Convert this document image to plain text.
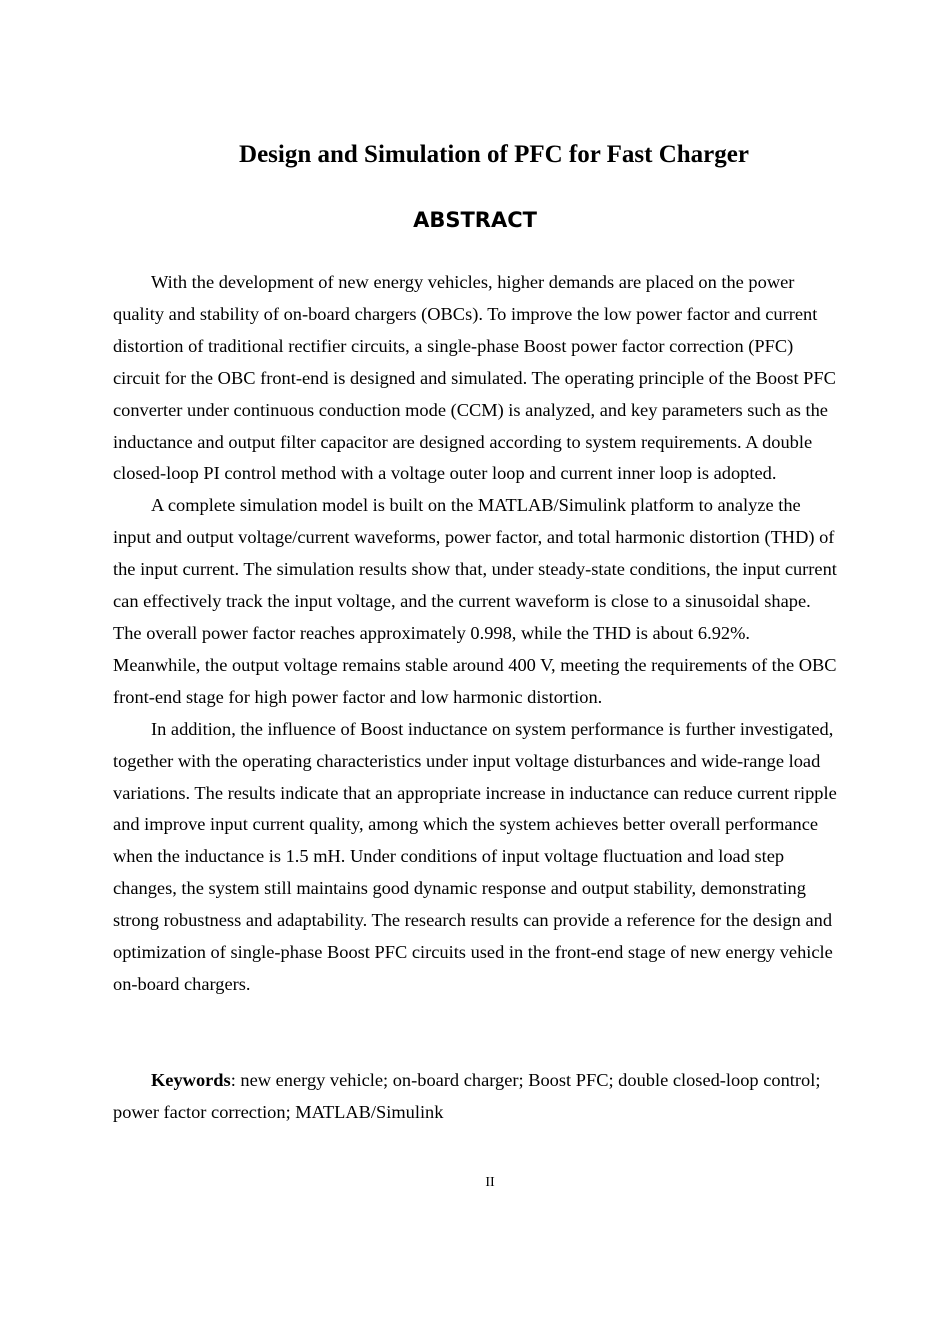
Design and Simulation of PFC for Fast Charger
ABSTRACT

With the development of new energy vehicles, higher demands are placed on the power quality and stability of on-board chargers (OBCs). To improve the low power factor and current distortion of traditional rectifier circuits, a single-phase Boost power factor correction (PFC) circuit for the OBC front-end is designed and simulated. The operating principle of the Boost PFC converter under continuous conduction mode (CCM) is analyzed, and key parameters such as the inductance and output filter capacitor are designed according to system requirements. A double closed-loop PI control method with a voltage outer loop and current inner loop is adopted.

A complete simulation model is built on the MATLAB/Simulink platform to analyze the input and output voltage/current waveforms, power factor, and total harmonic distortion (THD) of the input current. The simulation results show that, under steady-state conditions, the input current can effectively track the input voltage, and the current waveform is close to a sinusoidal shape. The overall power factor reaches approximately 0.998, while the THD is about 6.92%. Meanwhile, the output voltage remains stable around 400 V, meeting the requirements of the OBC front-end stage for high power factor and low harmonic distortion.

In addition, the influence of Boost inductance on system performance is further investigated, together with the operating characteristics under input voltage disturbances and wide-range load variations. The results indicate that an appropriate increase in inductance can reduce current ripple and improve input current quality, among which the system achieves better overall performance when the inductance is 1.5 mH. Under conditions of input voltage fluctuation and load step changes, the system still maintains good dynamic response and output stability, demonstrating strong robustness and adaptability. The research results can provide a reference for the design and optimization of single-phase Boost PFC circuits used in the front-end stage of new energy vehicle on-board chargers.

Keywords: new energy vehicle; on-board charger; Boost PFC; double closed-loop control; power factor correction; MATLAB/Simulink

II
